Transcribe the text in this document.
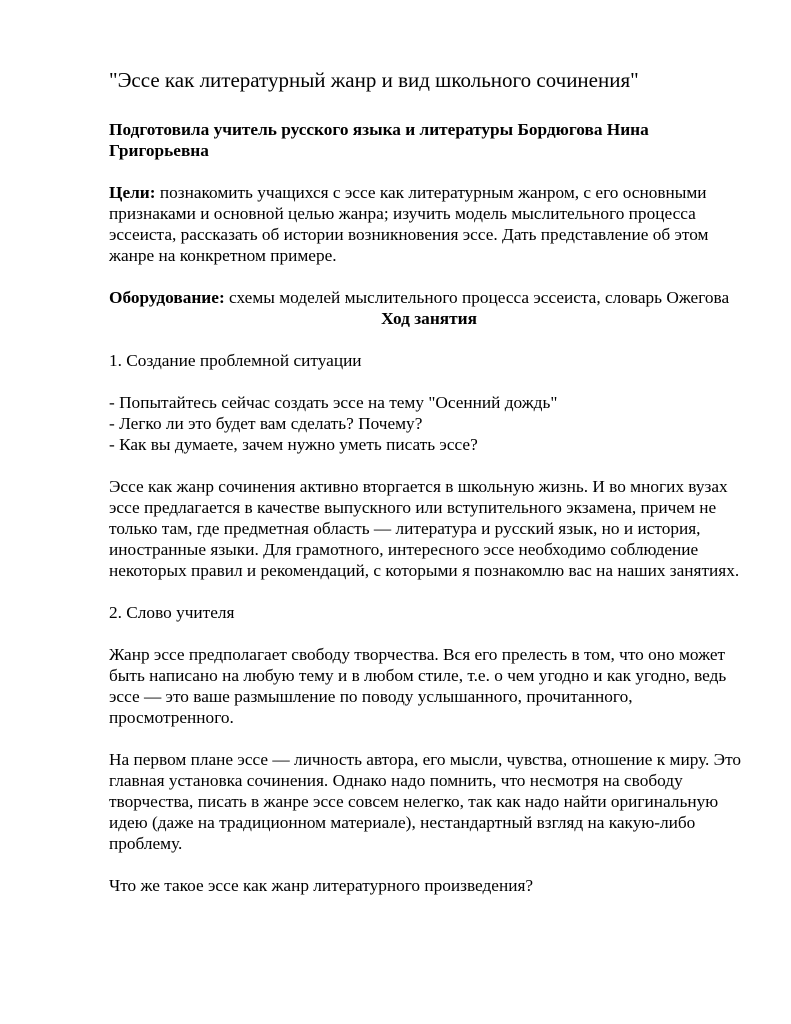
"Эссе как литературный жанр и вид школьного сочинения"

Подготовила учитель русского языка и литературы Бордюгова Нина Григорьевна

Цели: познакомить учащихся с эссе как литературным жанром, с его основными признаками и основной целью жанра; изучить модель мыслительного процесса эссеиста, рассказать об истории возникновения эссе. Дать представление об этом жанре на конкретном примере.

Оборудование: схемы моделей мыслительного процесса эссеиста, словарь Ожегова

Ход занятия

1. Создание проблемной ситуации

- Попытайтесь сейчас создать эссе на тему "Осенний дождь"

- Легко ли это будет вам сделать? Почему?

- Как вы думаете, зачем нужно уметь писать эссе?

Эссе как жанр сочинения активно вторгается в школьную жизнь. И во многих вузах эссе предлагается в качестве выпускного или вступительного экзамена, причем не только там, где предметная область — литература и русский язык, но и история, иностранные языки. Для грамотного, интересного эссе необходимо соблюдение некоторых правил и рекомендаций, с которыми я познакомлю вас на наших занятиях.

2. Слово учителя

Жанр эссе предполагает свободу творчества. Вся его прелесть в том, что оно может быть написано на любую тему и в любом стиле, т.е. о чем угодно и как угодно, ведь эссе — это ваше размышление по поводу услышанного, прочитанного, просмотренного.

На первом плане эссе — личность автора, его мысли, чувства, отношение к миру. Это главная установка сочинения. Однако надо помнить, что несмотря на свободу творчества, писать в жанре эссе совсем нелегко, так как надо найти оригинальную идею (даже на традиционном материале), нестандартный взгляд на какую-либо проблему.

Что же такое эссе как жанр литературного произведения?
